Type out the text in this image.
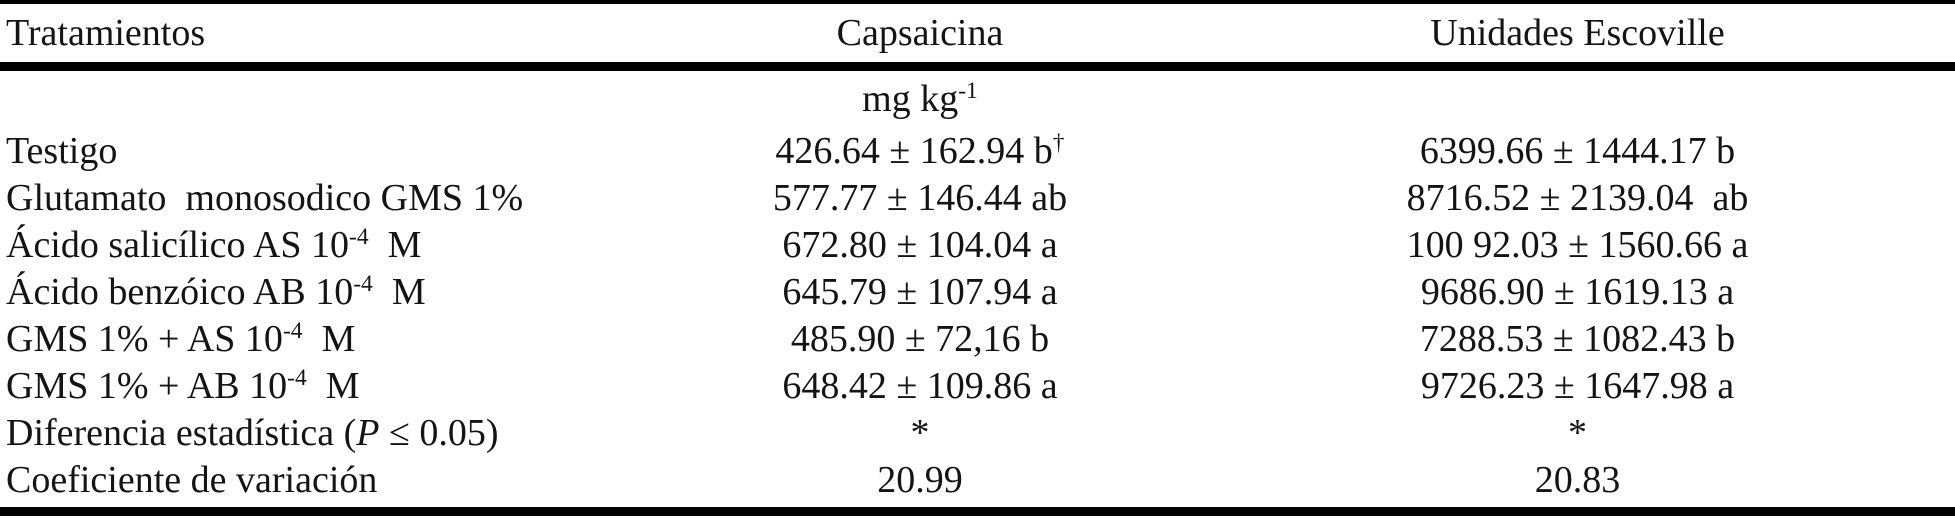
Tratamientos	Capsaicina	Unidades Escoville
mg $kg^{-1}$
Testigo	426.64 ± 162.94 b†	6399.66 ± 1444.17 b
Glutamato  monosodico GMS 1%	577.77 ± 146.44 ab	8716.52 ± 2139.04  ab
Ácido salicílico AS $10^{-4}$  M	672.80 ± 104.04 a	100 92.03 ± 1560.66 a
Ácido benzóico AB $10^{-4}$  M	645.79 ± 107.94 a	9686.90 ± 1619.13 a
GMS 1% + AS $10^{-4}$  M	485.90 ± 72,16 b	7288.53 ± 1082.43 b
GMS 1% + AB $10^{-4}$  M	648.42 ± 109.86 a	9726.23 ± 1647.98 a
Diferencia estadística (P ≤ 0.05)	*	*
Coeficiente de variación	20.99	20.83
